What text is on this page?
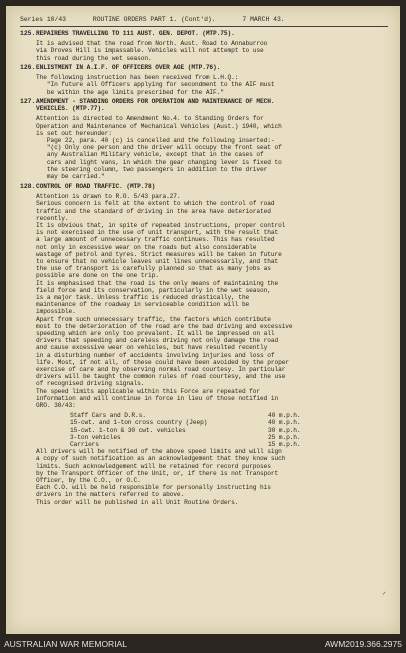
Series 10/43       ROUTINE ORDERS PART 1. (Cont'd).       7 MARCH 43.
125. REPAIRERS TRAVELLING TO 111 AUST. GEN. DEPOT. (MTP.75).
It is advised that the road from North. Aust. Road to Annaburroo
via Droves Hill is impassable. Vehicles will not attempt to use
this road during the wet season.
126. ENLISTMENT IN A.I.F. OF OFFICERS OVER AGE (MTP.76).
The following instruction has been received from L.H.Q.:
"In future all Officers applying for secondment to the AIF must
be within the age limits prescribed for the AIF."
127. AMENDMENT - STANDING ORDERS FOR OPERATION AND MAINTENANCE OF MECH.
VEHICLES. (MTP.77).
Attention is directed to Amendment No.4. to Standing Orders for
Operation and Maintenance of Mechanical Vehicles (Aust.) 1940, which
is set out hereunder:
Page 22, para. 40 (c) is cancelled and the following inserted:-
"(c) Only one person and the driver will occupy the front seat of
any Australian Military vehicle, except that in the cases of
cars and light vans, in which the gear changing lever is fixed to
the steering column, two passengers in addition to the driver
may be carried."
128. CONTROL OF ROAD TRAFFIC. (MTP.78)
Attention is drawn to R.O. 5/43 para.27.
Serious concern is felt at the extent to which the control of road
traffic and the standard of driving in the area have deteriorated
recently.
It is obvious that, in spite of repeated instructions, proper control
is not exercised in the use of unit transport, with the result that
a large amount of unnecessary traffic continues. This has resulted
not only in excessive wear on the roads but also considerable
wastage of petrol and tyres. Strict measures will be taken in future
to ensure that no vehicle leaves unit lines unnecessarily, and that
the use of transport is carefully planned so that as many jobs as
possible are done on the one trip.
It is emphasised that the road is the only means of maintaining the
field force and its conservation, particularly in the wet season,
is a major task. Unless traffic is reduced drastically, the
maintenance of the roadway in serviceable condition will be
impossible.
Apart from such unnecessary traffic, the factors which contribute
most to the deterioration of the road are the bad driving and excessive
speeding which are only too prevalent. It will be impressed on all
drivers that speeding and careless driving not only damage the road
and cause excessive wear on vehicles, but have resulted recently
in a disturbing number of accidents involving injuries and loss of
life. Most, if not all, of these could have been avoided by the proper
exercise of care and by observing normal road courtesy. In particular
drivers will be taught the common rules of road courtesy, and the use
of recognised driving signals.
The speed limits applicable within this Force are repeated for
information and will continue in force in lieu of those notified in
GRO. 30/43:
Staff Cars and D.R.s.	40 m.p.h.
15-cwt. and 1-ton cross country (Jeep)	40 m.p.h.
15-cwt. 1-ton & 30 cwt. vehicles	30 m.p.h.
3-ton vehicles	25 m.p.h.
Carriers	15 m.p.h.
All drivers will be notified of the above speed limits and will sign
a copy of such notification as an acknowledgement that they know such
limits. Such acknowledgement will be retained for record purposes
by the Transport Officer of the Unit, or, if there is not Transport
Officer, by the C.O., or O.C.
Each C.O. will be held responsible for personally instructing his
drivers in the matters referred to above.
This order will be published in all Unit Routine Orders.
ᐟ
AUSTRALIAN WAR MEMORIAL	AWM2019.366.2975
